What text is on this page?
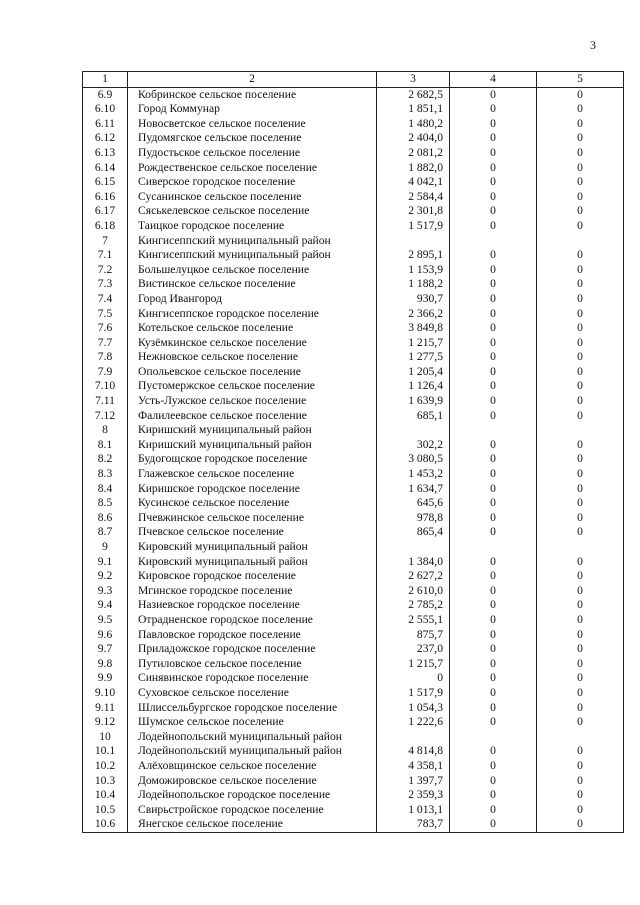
3
1	2	3	4	5
6.9	Кобринское сельское поселение	2 682,5	0	0
6.10	Город Коммунар	1 851,1	0	0
6.11	Новосветское сельское поселение	1 480,2	0	0
6.12	Пудомягское сельское поселение	2 404,0	0	0
6.13	Пудостьское сельское поселение	2 081,2	0	0
6.14	Рождественское сельское поселение	1 882,0	0	0
6.15	Сиверское городское поселение	4 042,1	0	0
6.16	Сусанинское сельское поселение	2 584,4	0	0
6.17	Сяськелевское сельское поселение	2 301,8	0	0
6.18	Таицкое городское поселение	1 517,9	0	0
7	Кингисеппский муниципальный район			
7.1	Кингисеппский муниципальный район	2 895,1	0	0
7.2	Большелуцкое сельское поселение	1 153,9	0	0
7.3	Вистинское сельское поселение	1 188,2	0	0
7.4	Город Ивангород	930,7	0	0
7.5	Кингисеппское городское поселение	2 366,2	0	0
7.6	Котельское сельское поселение	3 849,8	0	0
7.7	Кузёмкинское сельское поселение	1 215,7	0	0
7.8	Нежновское сельское поселение	1 277,5	0	0
7.9	Опольевское сельское поселение	1 205,4	0	0
7.10	Пустомержское сельское поселение	1 126,4	0	0
7.11	Усть-Лужское сельское поселение	1 639,9	0	0
7.12	Фалилеевское сельское поселение	685,1	0	0
8	Киришский муниципальный район			
8.1	Киришский муниципальный район	302,2	0	0
8.2	Будогощское городское поселение	3 080,5	0	0
8.3	Глажевское сельское поселение	1 453,2	0	0
8.4	Киришское городское поселение	1 634,7	0	0
8.5	Кусинское сельское поселение	645,6	0	0
8.6	Пчевжинское сельское поселение	978,8	0	0
8.7	Пчевское сельское поселение	865,4	0	0
9	Кировский муниципальный район			
9.1	Кировский муниципальный район	1 384,0	0	0
9.2	Кировское городское поселение	2 627,2	0	0
9.3	Мгинское городское поселение	2 610,0	0	0
9.4	Назиевское городское поселение	2 785,2	0	0
9.5	Отрадненское городское поселение	2 555,1	0	0
9.6	Павловское городское поселение	875,7	0	0
9.7	Приладожское городское поселение	237,0	0	0
9.8	Путиловское сельское поселение	1 215,7	0	0
9.9	Синявинское городское поселение	0	0	0
9.10	Суховское сельское поселение	1 517,9	0	0
9.11	Шлиссельбургское городское поселение	1 054,3	0	0
9.12	Шумское сельское поселение	1 222,6	0	0
10	Лодейнопольский муниципальный район			
10.1	Лодейнопольский муниципальный район	4 814,8	0	0
10.2	Алёховщинское сельское поселение	4 358,1	0	0
10.3	Доможировское сельское поселение	1 397,7	0	0
10.4	Лодейнопольское городское поселение	2 359,3	0	0
10.5	Свирьстройское городское поселение	1 013,1	0	0
10.6	Янегское сельское поселение	783,7	0	0
